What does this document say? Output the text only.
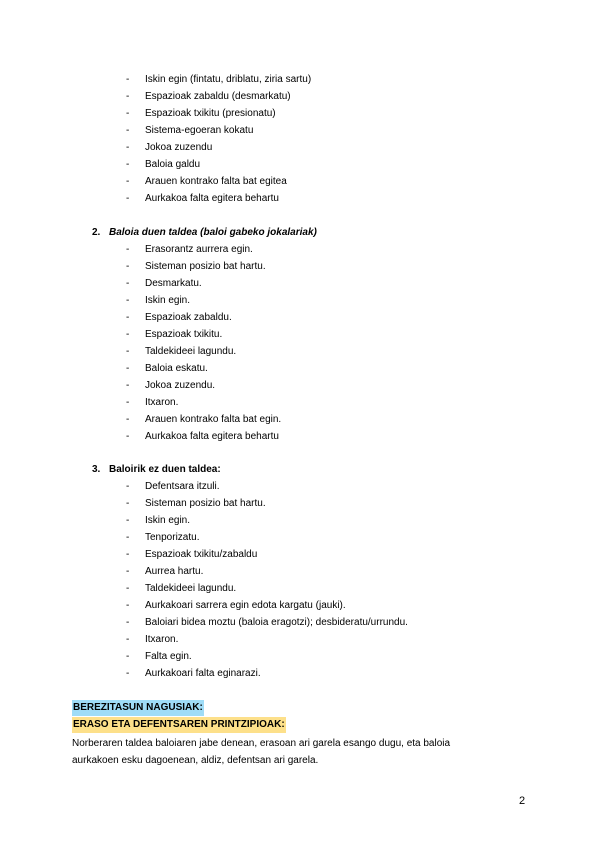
- Iskin egin (fintatu, driblatu, ziria sartu)
- Espazioak zabaldu (desmarkatu)
- Espazioak txikitu (presionatu)
- Sistema-egoeran kokatu
- Jokoa zuzendu
- Baloia galdu
- Arauen kontrako falta bat egitea
- Aurkakoa falta egitera behartu
2. Baloia duen taldea (baloi gabeko jokalariak)
- Erasorantz aurrera egin.
- Sisteman posizio bat hartu.
- Desmarkatu.
- Iskin egin.
- Espazioak zabaldu.
- Espazioak txikitu.
- Taldekideei lagundu.
- Baloia eskatu.
- Jokoa zuzendu.
- Itxaron.
- Arauen kontrako falta bat egin.
- Aurkakoa falta egitera behartu
3. Baloirik ez duen taldea:
- Defentsara itzuli.
- Sisteman posizio bat hartu.
- Iskin egin.
- Tenporizatu.
- Espazioak txikitu/zabaldu
- Aurrea hartu.
- Taldekideei lagundu.
- Aurkakoari sarrera egin edota kargatu (jauki).
- Baloiari bidea moztu (baloia eragotzi); desbideratu/urrundu.
- Itxaron.
- Falta egin.
- Aurkakoari falta eginarazi.
BEREZITASUN NAGUSIAK:
ERASO ETA DEFENTSAREN PRINTZIPIOAK:
Norberaren taldea baloiaren jabe denean, erasoan ari garela esango dugu, eta baloia
aurkakoen esku dagoenean, aldiz, defentsan ari garela.
2
